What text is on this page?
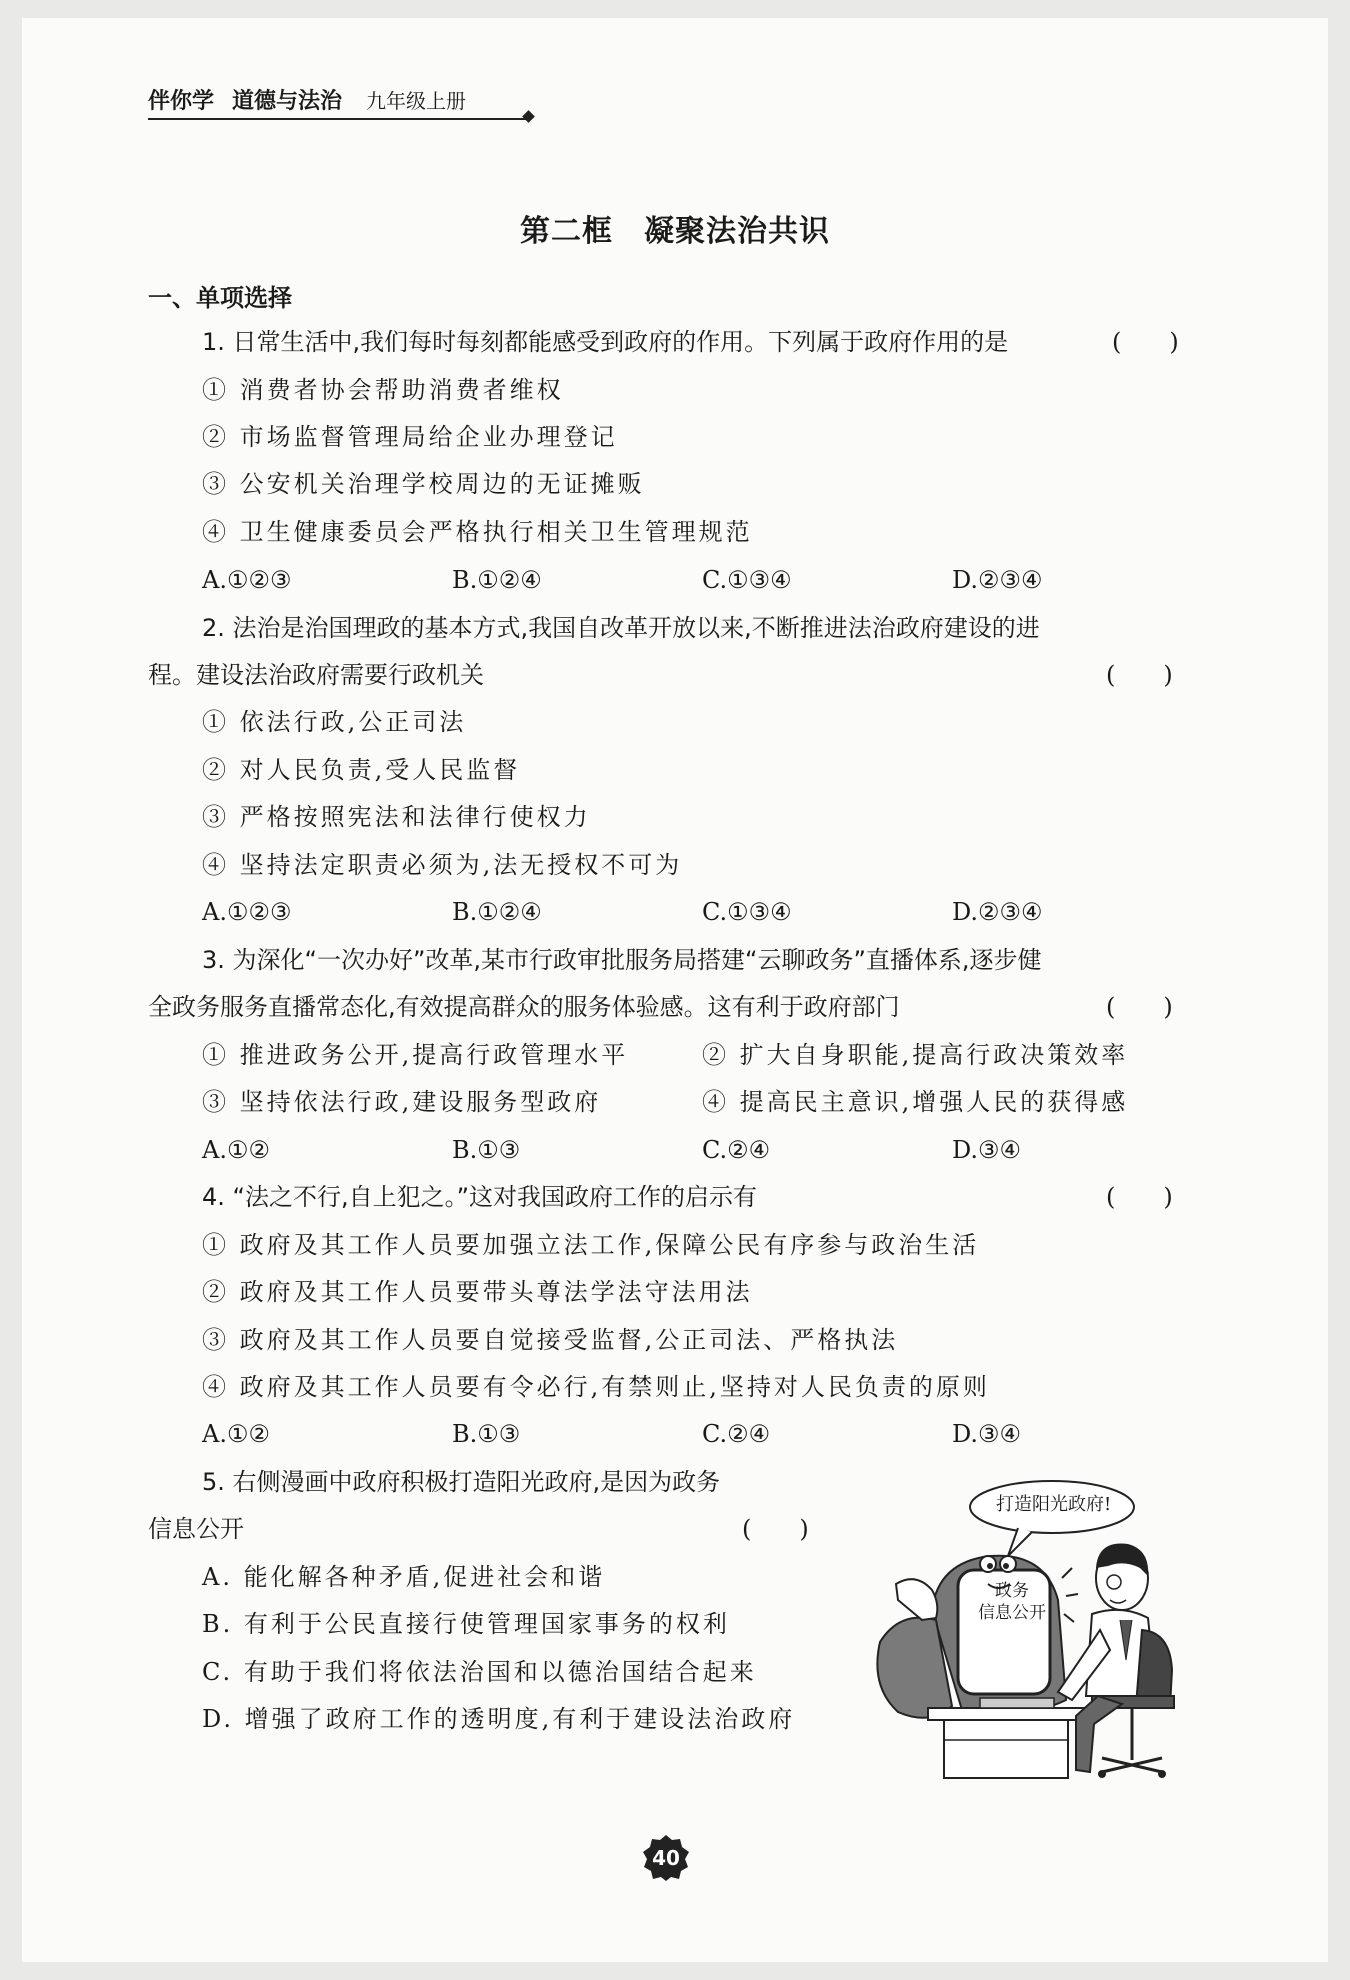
伴你学 道德与法治 九年级上册
第二框　凝聚法治共识
一、单项选择
1. 日常生活中,我们每时每刻都能感受到政府的作用。下列属于政府作用的是	(　　)
① 消费者协会帮助消费者维权
② 市场监督管理局给企业办理登记
③ 公安机关治理学校周边的无证摊贩
④ 卫生健康委员会严格执行相关卫生管理规范
A.①②③	B.①②④	C.①③④	D.②③④
2. 法治是治国理政的基本方式,我国自改革开放以来,不断推进法治政府建设的进
程。建设法治政府需要行政机关	(　　)
① 依法行政,公正司法
② 对人民负责,受人民监督
③ 严格按照宪法和法律行使权力
④ 坚持法定职责必须为,法无授权不可为
A.①②③	B.①②④	C.①③④	D.②③④
3. 为深化“一次办好”改革,某市行政审批服务局搭建“云聊政务”直播体系,逐步健
全政务服务直播常态化,有效提高群众的服务体验感。这有利于政府部门	(　　)
① 推进政务公开,提高行政管理水平	② 扩大自身职能,提高行政决策效率
③ 坚持依法行政,建设服务型政府	④ 提高民主意识,增强人民的获得感
A.①②	B.①③	C.②④	D.③④
4. “法之不行,自上犯之。”这对我国政府工作的启示有	(　　)
① 政府及其工作人员要加强立法工作,保障公民有序参与政治生活
② 政府及其工作人员要带头尊法学法守法用法
③ 政府及其工作人员要自觉接受监督,公正司法、严格执法
④ 政府及其工作人员要有令必行,有禁则止,坚持对人民负责的原则
A.①②	B.①③	C.②④	D.③④
5. 右侧漫画中政府积极打造阳光政府,是因为政务
信息公开	(　　)
A. 能化解各种矛盾,促进社会和谐
B. 有利于公民直接行使管理国家事务的权利
C. 有助于我们将依法治国和以德治国结合起来
D. 增强了政府工作的透明度,有利于建设法治政府
打造阳光政府!
政务
信息公开
40
